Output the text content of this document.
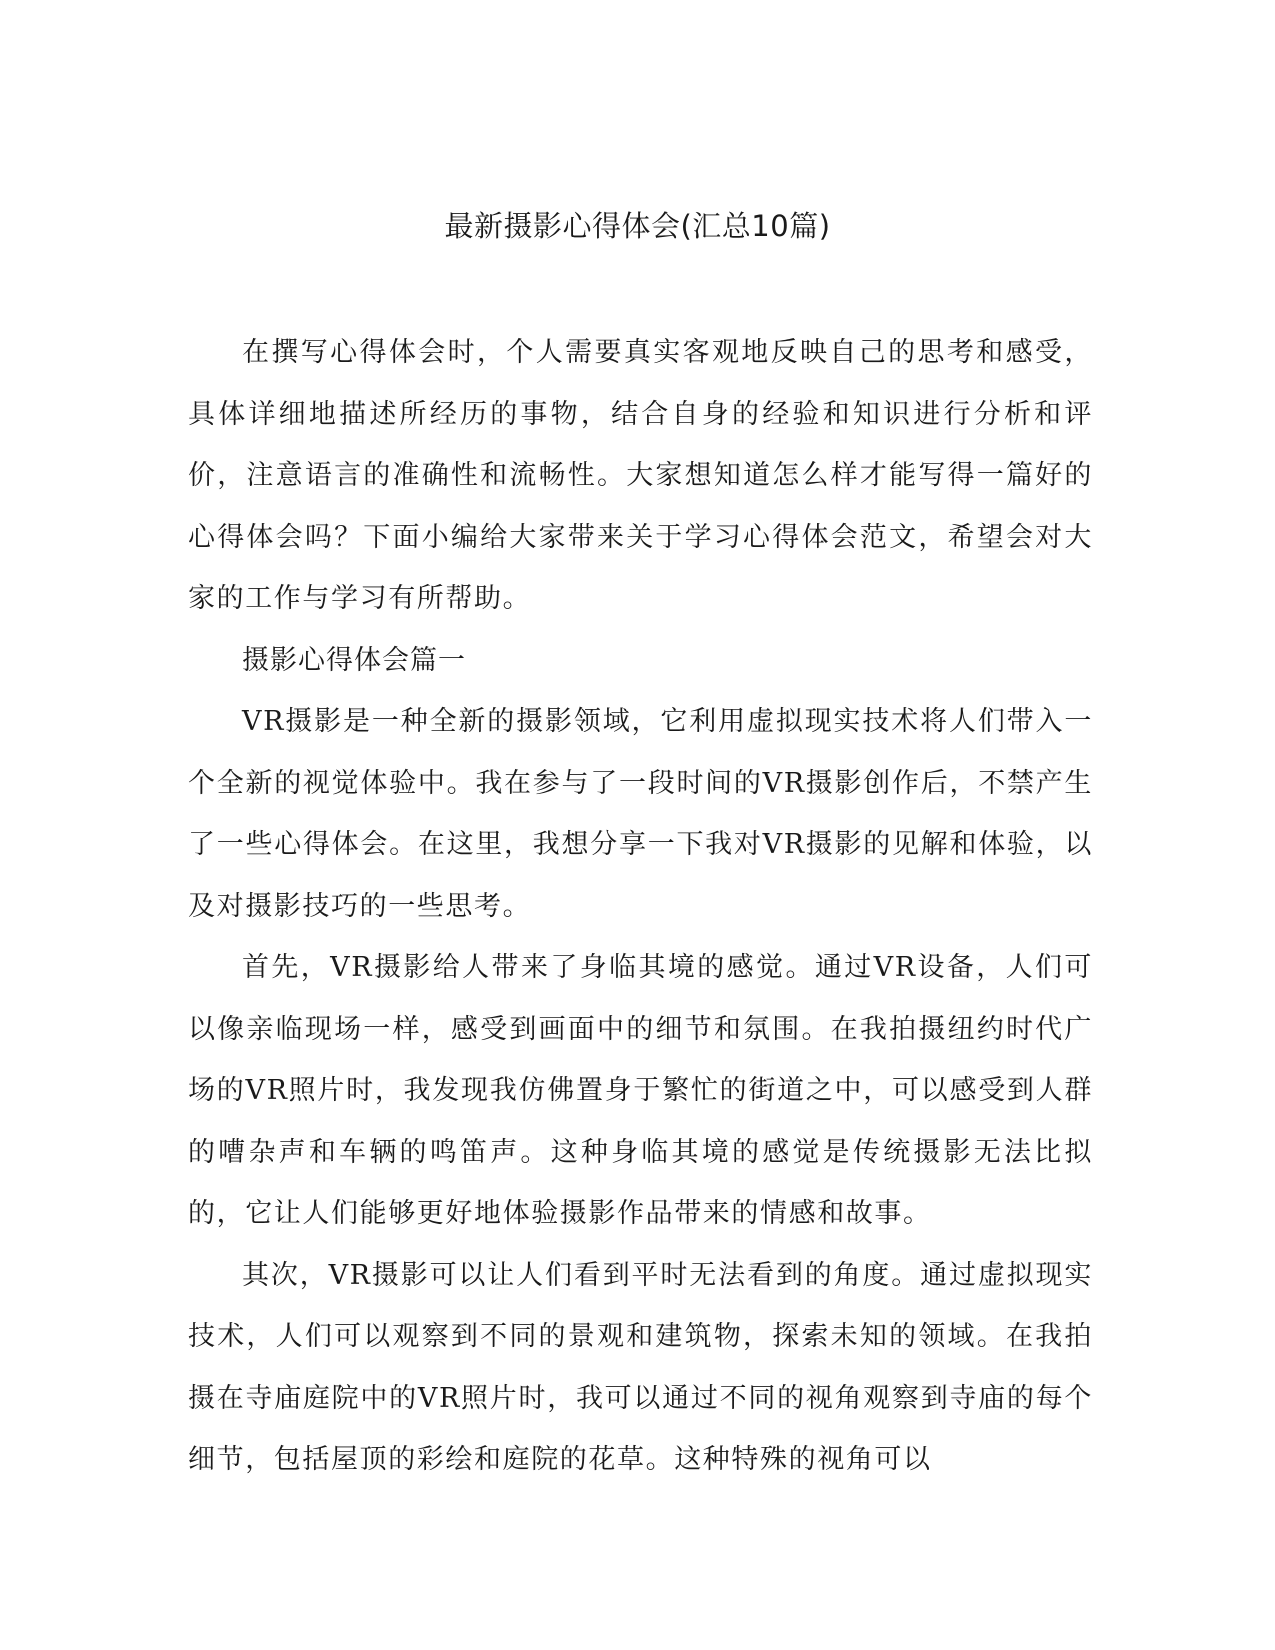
最新摄影心得体会(汇总10篇)

在撰写心得体会时，个人需要真实客观地反映自己的思考和感受，具体详细地描述所经历的事物，结合自身的经验和知识进行分析和评价，注意语言的准确性和流畅性。大家想知道怎么样才能写得一篇好的心得体会吗？下面小编给大家带来关于学习心得体会范文，希望会对大家的工作与学习有所帮助。

摄影心得体会篇一

VR摄影是一种全新的摄影领域，它利用虚拟现实技术将人们带入一个全新的视觉体验中。我在参与了一段时间的VR摄影创作后，不禁产生了一些心得体会。在这里，我想分享一下我对VR摄影的见解和体验，以及对摄影技巧的一些思考。

首先，VR摄影给人带来了身临其境的感觉。通过VR设备，人们可以像亲临现场一样，感受到画面中的细节和氛围。在我拍摄纽约时代广场的VR照片时，我发现我仿佛置身于繁忙的街道之中，可以感受到人群的嘈杂声和车辆的鸣笛声。这种身临其境的感觉是传统摄影无法比拟的，它让人们能够更好地体验摄影作品带来的情感和故事。

其次，VR摄影可以让人们看到平时无法看到的角度。通过虚拟现实技术，人们可以观察到不同的景观和建筑物，探索未知的领域。在我拍摄在寺庙庭院中的VR照片时，我可以通过不同的视角观察到寺庙的每个细节，包括屋顶的彩绘和庭院的花草。这种特殊的视角可以
